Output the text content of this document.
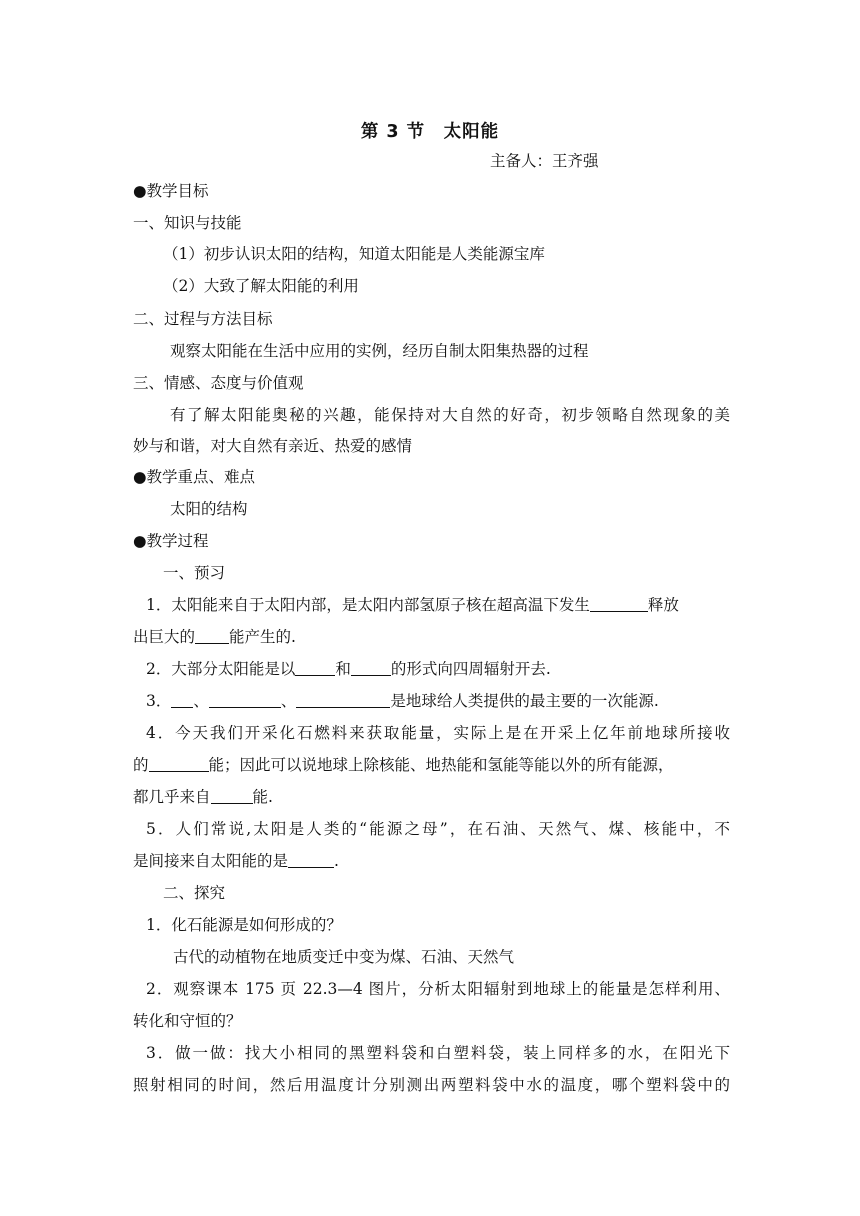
第 3 节　太阳能
主备人：王齐强
●教学目标
一、知识与技能
（1）初步认识太阳的结构，知道太阳能是人类能源宝库
（2）大致了解太阳能的利用
二、过程与方法目标
观察太阳能在生活中应用的实例，经历自制太阳集热器的过程
三、情感、态度与价值观
有了解太阳能奥秘的兴趣，能保持对大自然的好奇，初步领略自然现象的美
妙与和谐，对大自然有亲近、热爱的感情
●教学重点、难点
太阳的结构
●教学过程
一、预习
1．太阳能来自于太阳内部，是太阳内部氢原子核在超高温下发生	释放
出巨大的 能产生的.
2．大部分太阳能是以	和	的形式向四周辐射开去.
3． 、	、	是地球给人类提供的最主要的一次能源.
4．今天我们开采化石燃料来获取能量，实际上是在开采上亿年前地球所接收
的	能；因此可以说地球上除核能、地热能和氢能等能以外的所有能源，
都几乎来自	能.
5．人们常说,太阳是人类的“能源之母”，在石油、天然气、煤、核能中，不
是间接来自太阳能的是	.
二、探究
1．化石能源是如何形成的？
古代的动植物在地质变迁中变为煤、石油、天然气
2．观察课本 175 页 22.3—4 图片，分析太阳辐射到地球上的能量是怎样利用、
转化和守恒的？
3．做一做：找大小相同的黑塑料袋和白塑料袋，装上同样多的水，在阳光下
照射相同的时间，然后用温度计分别测出两塑料袋中水的温度，哪个塑料袋中的
